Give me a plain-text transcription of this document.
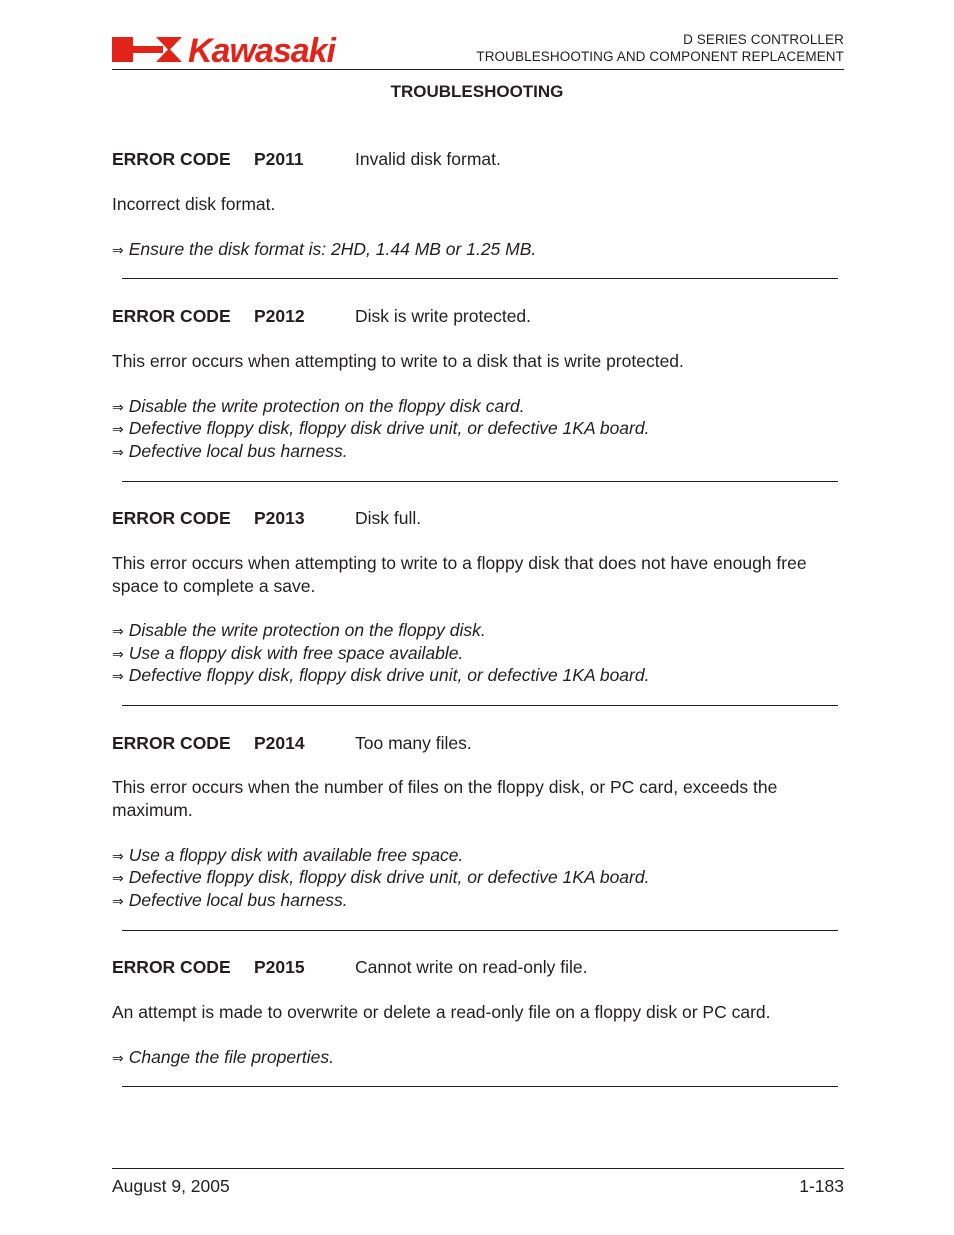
Kawasaki	D SERIES CONTROLLER
TROUBLESHOOTING AND COMPONENT REPLACEMENT
TROUBLESHOOTING
ERROR CODE P2011	Invalid disk format.
Incorrect disk format.
⇒ Ensure the disk format is: 2HD, 1.44 MB or 1.25 MB.
ERROR CODE P2012	Disk is write protected.
This error occurs when attempting to write to a disk that is write protected.
⇒ Disable the write protection on the floppy disk card.
⇒ Defective floppy disk, floppy disk drive unit, or defective 1KA board.
⇒ Defective local bus harness.
ERROR CODE P2013	Disk full.
This error occurs when attempting to write to a floppy disk that does not have enough free space to complete a save.
⇒ Disable the write protection on the floppy disk.
⇒ Use a floppy disk with free space available.
⇒ Defective floppy disk, floppy disk drive unit, or defective 1KA board.
ERROR CODE P2014	Too many files.
This error occurs when the number of files on the floppy disk, or PC card, exceeds the maximum.
⇒ Use a floppy disk with available free space.
⇒ Defective floppy disk, floppy disk drive unit, or defective 1KA board.
⇒ Defective local bus harness.
ERROR CODE P2015	Cannot write on read-only file.
An attempt is made to overwrite or delete a read-only file on a floppy disk or PC card.
⇒ Change the file properties.
August 9, 2005	1-183
